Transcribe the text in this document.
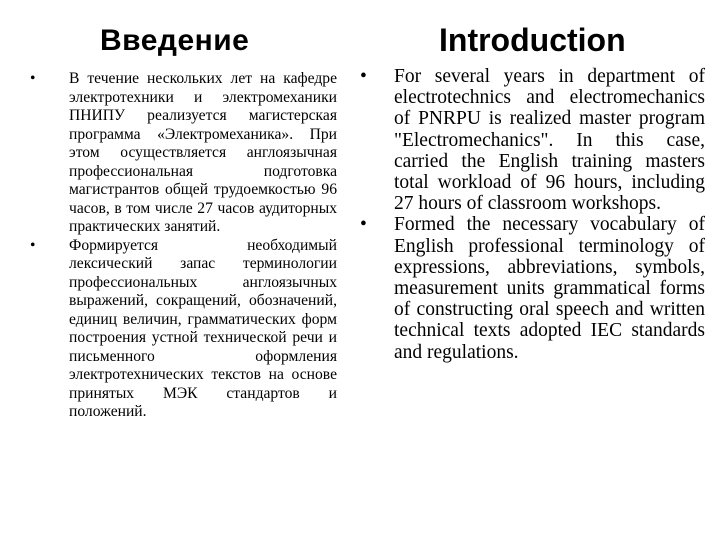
Введение
• В течение нескольких лет на кафедре электротехники и электромеханики ПНИПУ реализуется магистерская программа «Электромеханика». При этом осуществляется англоязычная профессиональная подготовка магистрантов общей трудоемкостью 96 часов, в том числе 27 часов аудиторных практических занятий.
• Формируется необходимый лексический запас терминологии профессиональных англоязычных выражений, сокращений, обозначений, единиц величин, грамматических форм построения устной технической речи и письменного оформления электротехнических текстов на основе принятых МЭК стандартов и положений.
Introduction
• For several years in department of electrotechnics and electromechanics of PNRPU is realized master program "Electromechanics". In this case, carried the English training masters total workload of 96 hours, including 27 hours of classroom workshops.
• Formed the necessary vocabulary of English professional terminology of expressions, abbreviations, symbols, measurement units grammatical forms of constructing oral speech and written technical texts adopted IEC standards and regulations.
